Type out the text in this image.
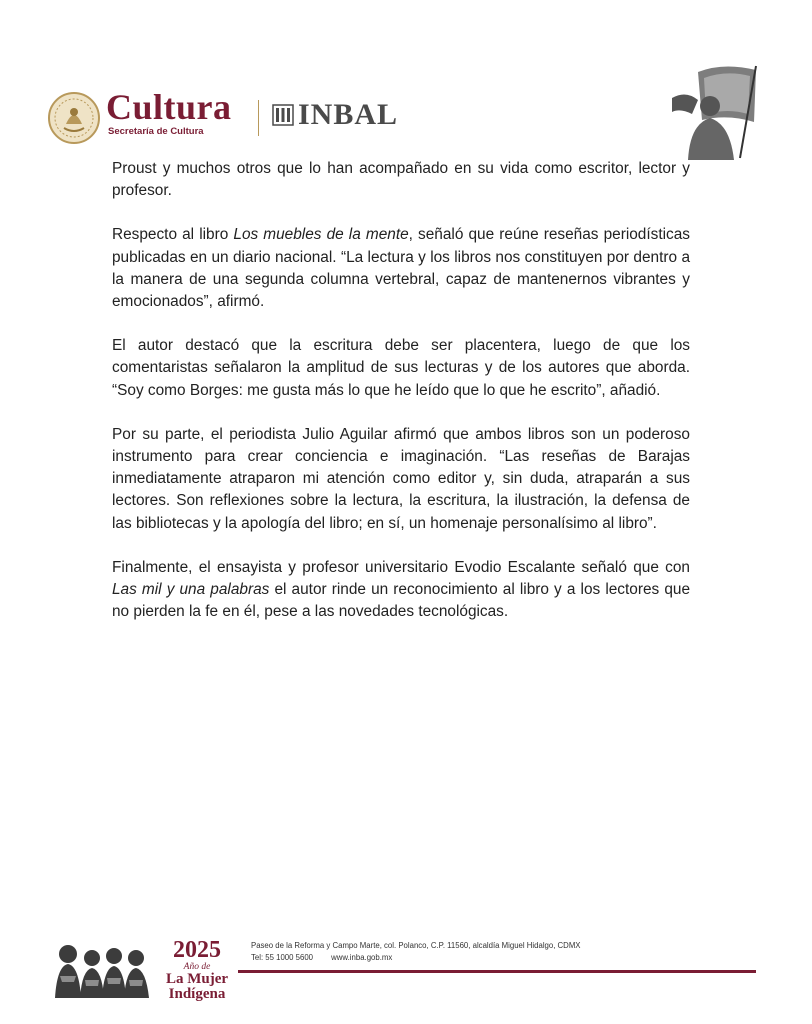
Cultura
Secretaría de Cultura
INBAL

Proust y muchos otros que lo han acompañado en su vida como escritor, lector y profesor.

Respecto al libro Los muebles de la mente, señaló que reúne reseñas periodísticas publicadas en un diario nacional. “La lectura y los libros nos constituyen por dentro a la manera de una segunda columna vertebral, capaz de mantenernos vibrantes y emocionados”, afirmó.

El autor destacó que la escritura debe ser placentera, luego de que los comentaristas señalaron la amplitud de sus lecturas y de los autores que aborda. “Soy como Borges: me gusta más lo que he leído que lo que he escrito”, añadió.

Por su parte, el periodista Julio Aguilar afirmó que ambos libros son un poderoso instrumento para crear conciencia e imaginación. “Las reseñas de Barajas inmediatamente atraparon mi atención como editor y, sin duda, atraparán a sus lectores. Son reflexiones sobre la lectura, la escritura, la ilustración, la defensa de las bibliotecas y la apología del libro; en sí, un homenaje personalísimo al libro”.

Finalmente, el ensayista y profesor universitario Evodio Escalante señaló que con Las mil y una palabras el autor rinde un reconocimiento al libro y a los lectores que no pierden la fe en él, pese a las novedades tecnológicas.

2025
Año de
La Mujer
Indígena
Paseo de la Reforma y Campo Marte, col. Polanco, C.P. 11560, alcaldía Miguel Hidalgo, CDMX
Tel: 55 1000 5600 www.inba.gob.mx
